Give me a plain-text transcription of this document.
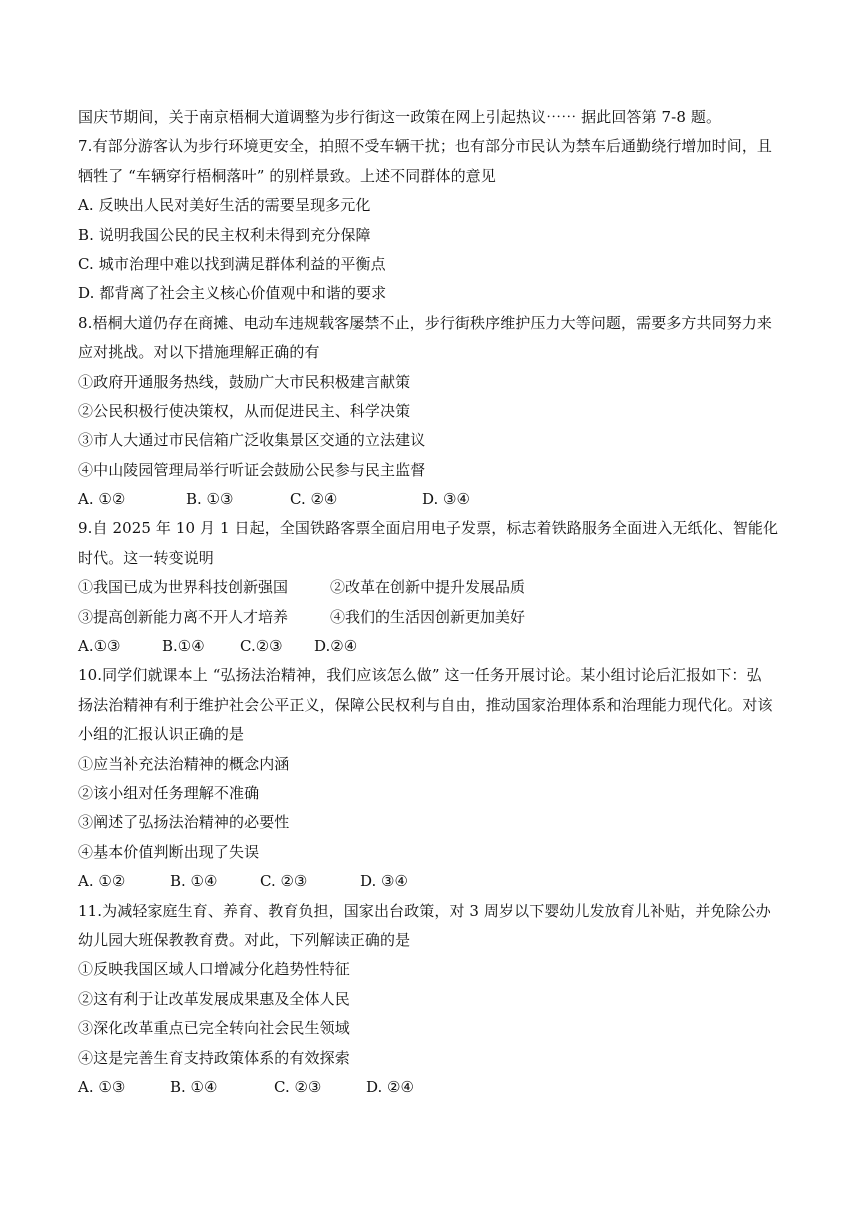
国庆节期间，关于南京梧桐大道调整为步行街这一政策在网上引起热议⋯⋯ 据此回答第 7-8 题。
7.有部分游客认为步行环境更安全，拍照不受车辆干扰；也有部分市民认为禁车后通勤绕行增加时间，且
牺牲了 “车辆穿行梧桐落叶” 的别样景致。上述不同群体的意见
A. 反映出人民对美好生活的需要呈现多元化
B. 说明我国公民的民主权利未得到充分保障
C. 城市治理中难以找到满足群体利益的平衡点
D. 都背离了社会主义核心价值观中和谐的要求
8.梧桐大道仍存在商摊、电动车违规载客屡禁不止，步行街秩序维护压力大等问题，需要多方共同努力来
应对挑战。对以下措施理解正确的有
①政府开通服务热线，鼓励广大市民积极建言献策
②公民积极行使决策权，从而促进民主、科学决策
③市人大通过市民信箱广泛收集景区交通的立法建议
④中山陵园管理局举行听证会鼓励公民参与民主监督
A. ①②	B. ①③	C. ②④	D. ③④
9.自 2025 年 10 月 1 日起，全国铁路客票全面启用电子发票，标志着铁路服务全面进入无纸化、智能化
时代。这一转变说明
①我国已成为世界科技创新强国	②改革在创新中提升发展品质
③提高创新能力离不开人才培养	④我们的生活因创新更加美好
A.①③	B.①④	C.②③	D.②④
10.同学们就课本上 “弘扬法治精神，我们应该怎么做” 这一任务开展讨论。某小组讨论后汇报如下：弘
扬法治精神有利于维护社会公平正义，保障公民权利与自由，推动国家治理体系和治理能力现代化。对该
小组的汇报认识正确的是
①应当补充法治精神的概念内涵
②该小组对任务理解不准确
③阐述了弘扬法治精神的必要性
④基本价值判断出现了失误
A. ①②	B. ①④	C. ②③	D. ③④
11.为减轻家庭生育、养育、教育负担，国家出台政策，对 3 周岁以下婴幼儿发放育儿补贴，并免除公办
幼儿园大班保教教育费。对此，下列解读正确的是
①反映我国区域人口增减分化趋势性特征
②这有利于让改革发展成果惠及全体人民
③深化改革重点已完全转向社会民生领域
④这是完善生育支持政策体系的有效探索
A. ①③	B. ①④	C. ②③	D. ②④
